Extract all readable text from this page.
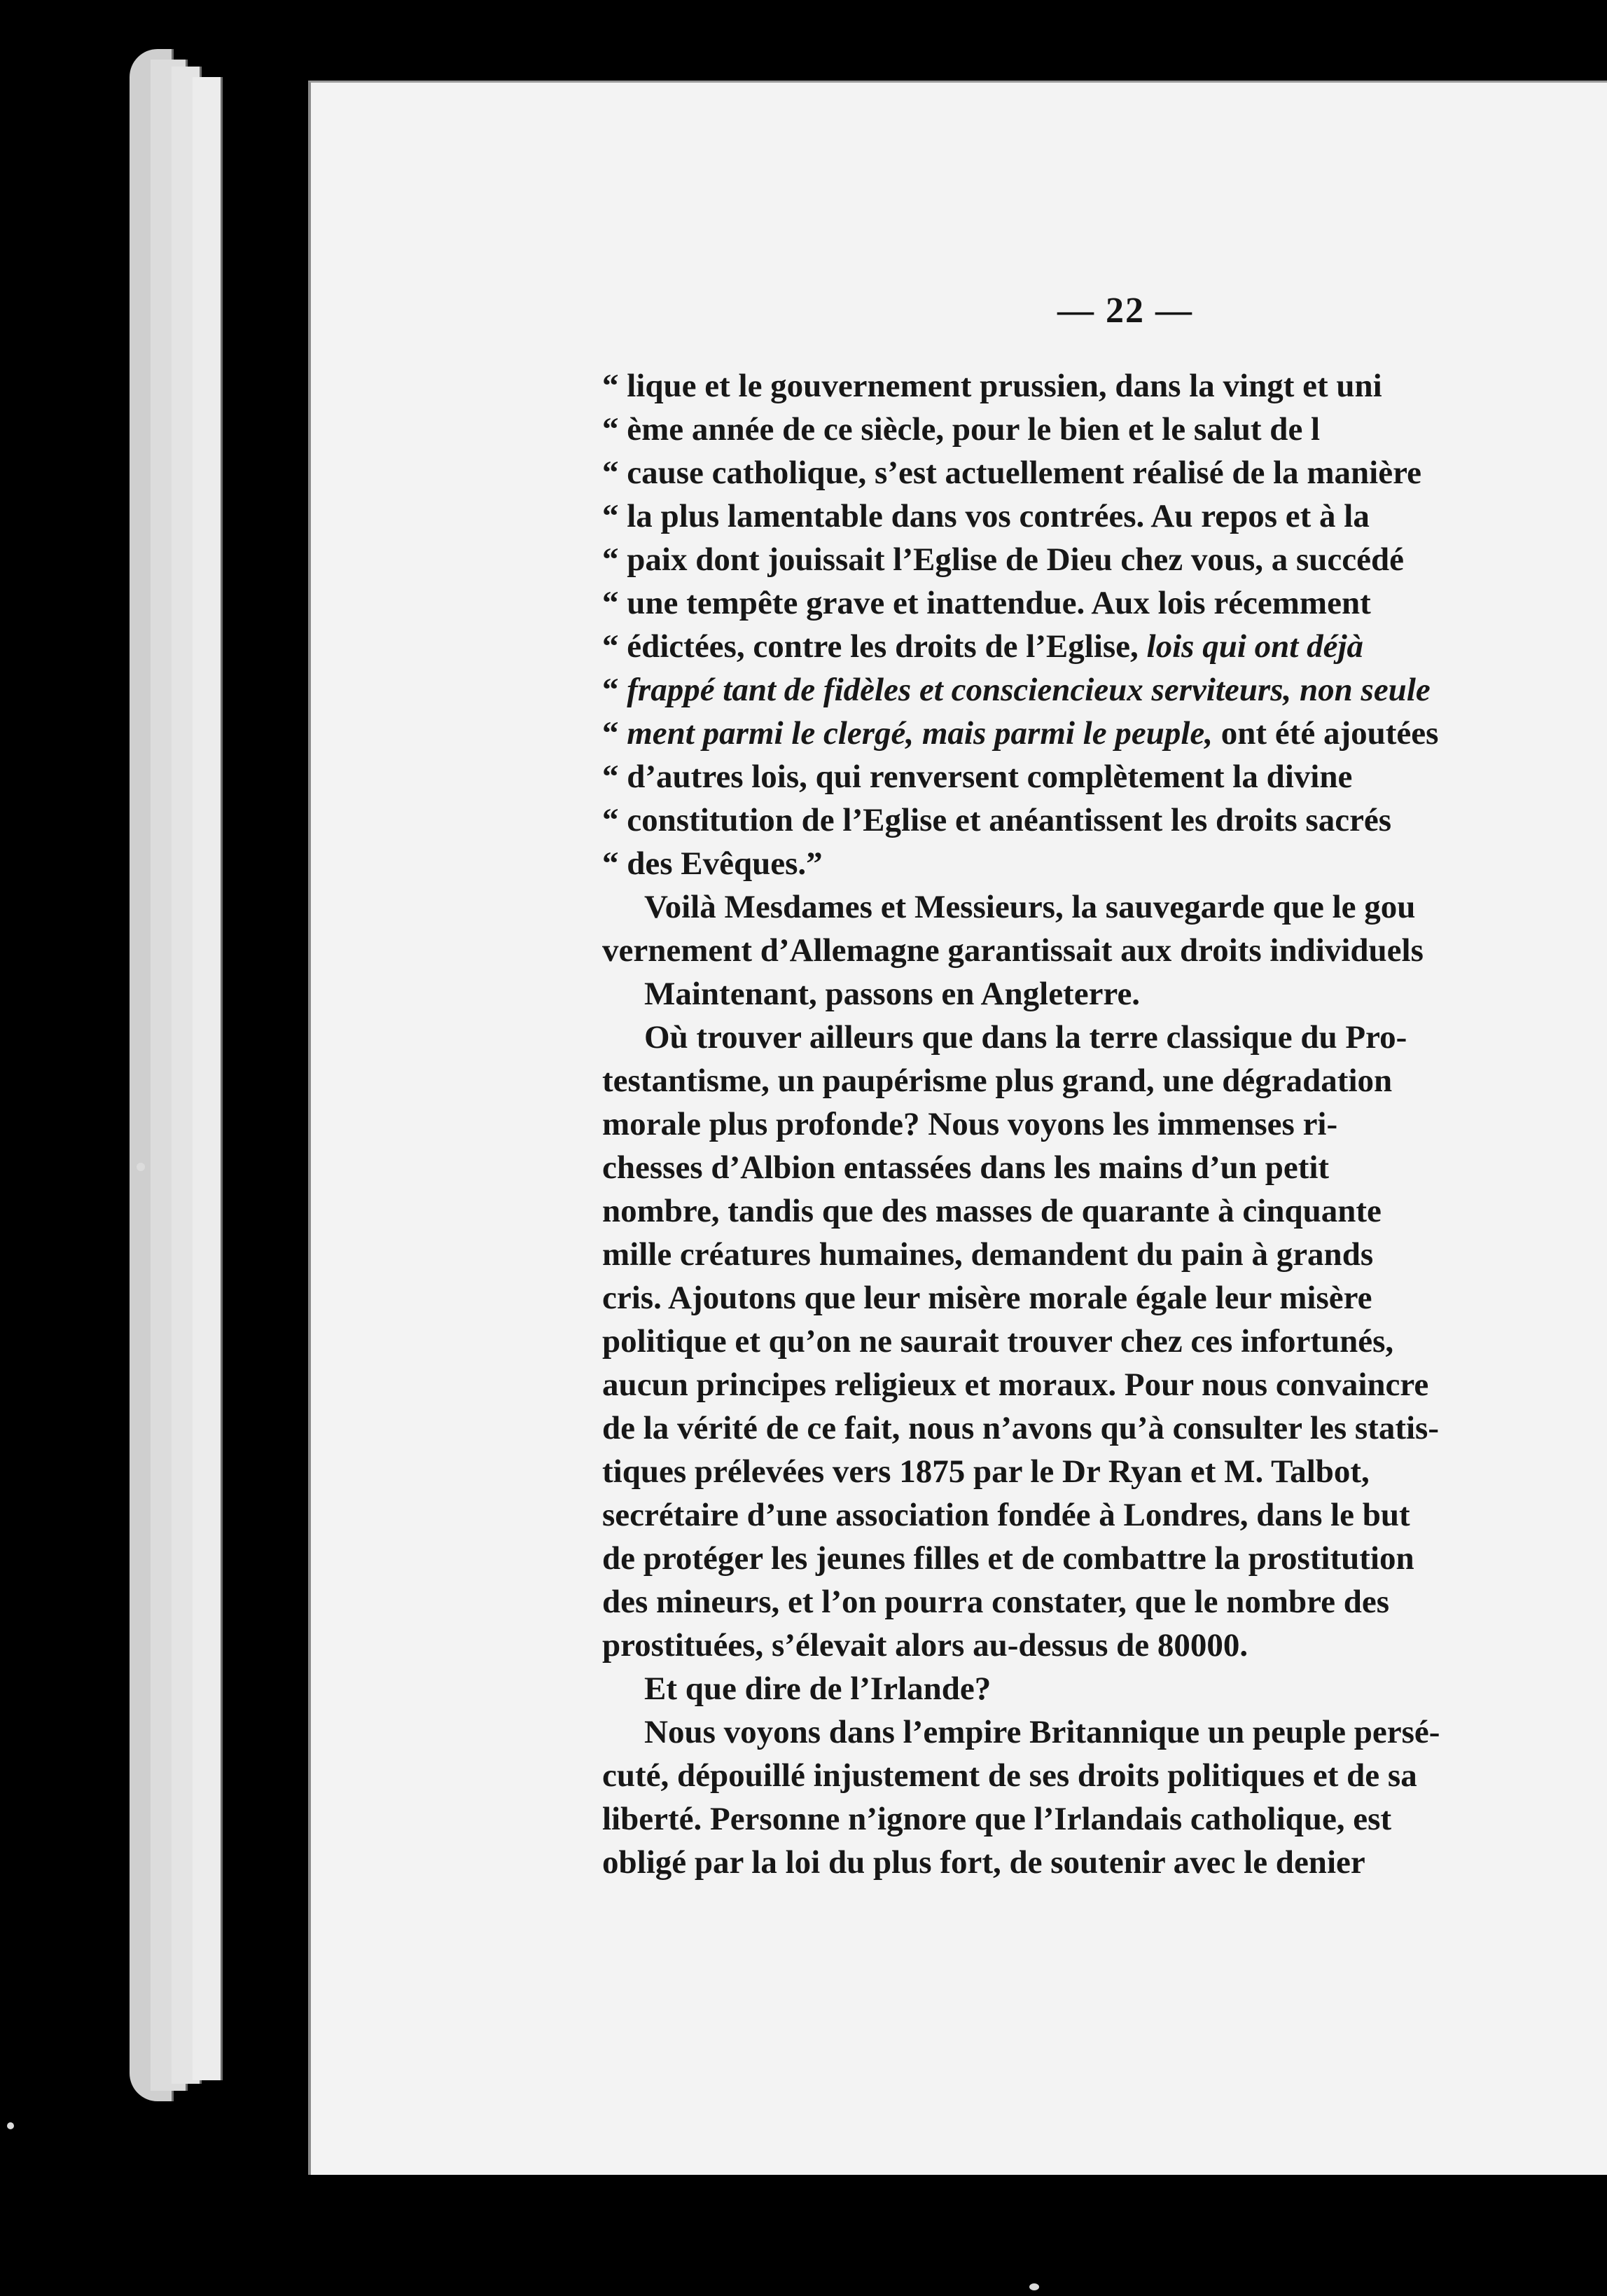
— 22 —
“ lique et le gouvernement prussien, dans la vingt et uni
“ ème année de ce siècle, pour le bien et le salut de l
“ cause catholique, s’est actuellement réalisé de la manière
“ la plus lamentable dans vos contrées. Au repos et à la
“ paix dont jouissait l’Eglise de Dieu chez vous, a succédé
“ une tempête grave et inattendue. Aux lois récemment
“ édictées, contre les droits de l’Eglise, lois qui ont déjà
“ frappé tant de fidèles et consciencieux serviteurs, non seule
“ ment parmi le clergé, mais parmi le peuple, ont été ajoutées
“ d’autres lois, qui renversent complètement la divine
“ constitution de l’Eglise et anéantissent les droits sacrés
“ des Evêques.”
Voilà Mesdames et Messieurs, la sauvegarde que le gou
vernement d’Allemagne garantissait aux droits individuels
Maintenant, passons en Angleterre.
Où trouver ailleurs que dans la terre classique du Pro-
testantisme, un paupérisme plus grand, une dégradation
morale plus profonde? Nous voyons les immenses ri-
chesses d’Albion entassées dans les mains d’un petit
nombre, tandis que des masses de quarante à cinquante
mille créatures humaines, demandent du pain à grands
cris. Ajoutons que leur misère morale égale leur misère
politique et qu’on ne saurait trouver chez ces infortunés,
aucun principes religieux et moraux. Pour nous convaincre
de la vérité de ce fait, nous n’avons qu’à consulter les statis-
tiques prélevées vers 1875 par le Dr Ryan et M. Talbot,
secrétaire d’une association fondée à Londres, dans le but
de protéger les jeunes filles et de combattre la prostitution
des mineurs, et l’on pourra constater, que le nombre des
prostituées, s’élevait alors au-dessus de 80000.
Et que dire de l’Irlande?
Nous voyons dans l’empire Britannique un peuple persé-
cuté, dépouillé injustement de ses droits politiques et de sa
liberté. Personne n’ignore que l’Irlandais catholique, est
obligé par la loi du plus fort, de soutenir avec le denier
